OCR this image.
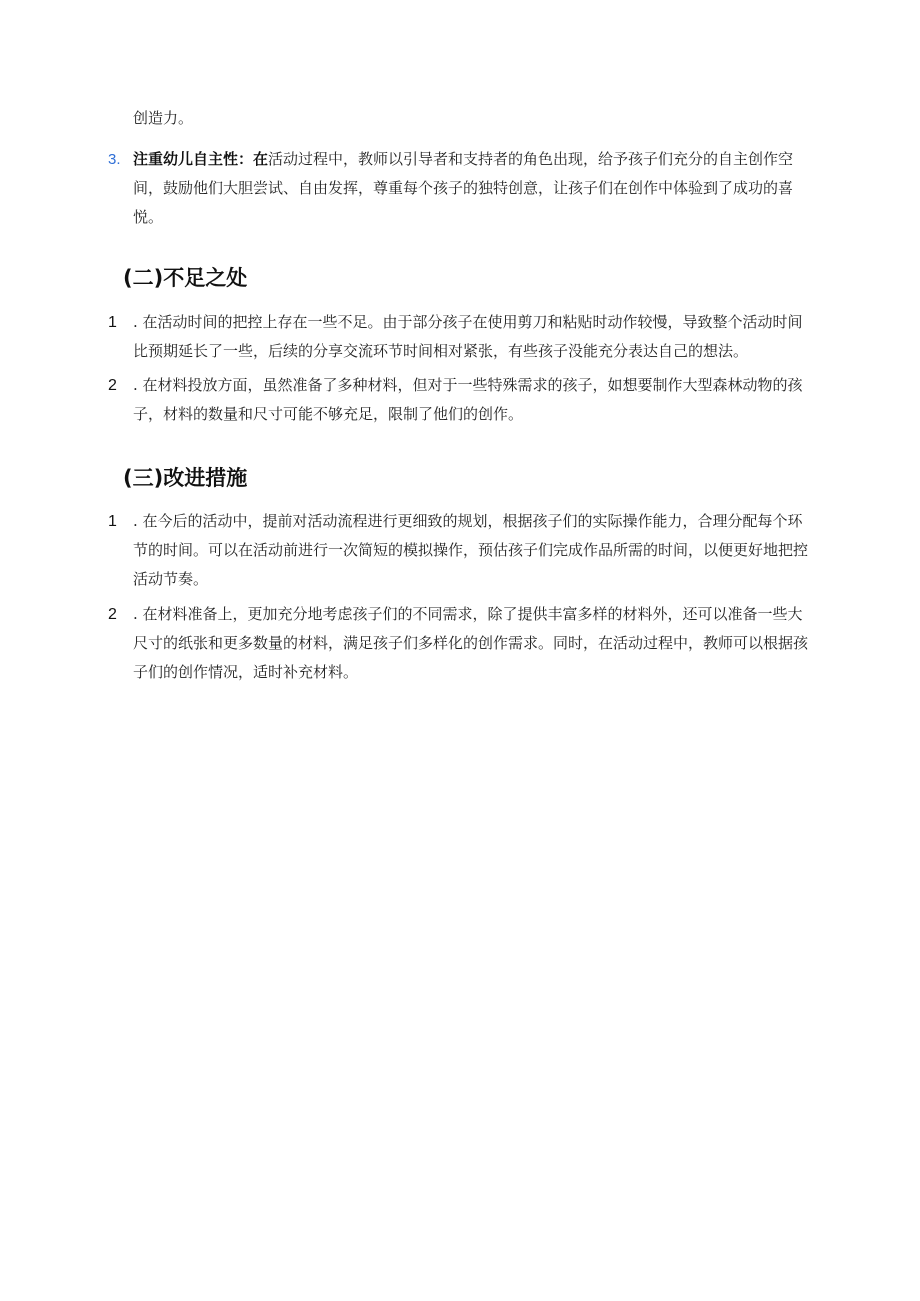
创造力。

3. 注重幼儿自主性：在活动过程中，教师以引导者和支持者的角色出现，给予孩子们充分的自主创作空间，鼓励他们大胆尝试、自由发挥，尊重每个孩子的独特创意，让孩子们在创作中体验到了成功的喜悦。
(二)不足之处
1 . 在活动时间的把控上存在一些不足。由于部分孩子在使用剪刀和粘贴时动作较慢，导致整个活动时间比预期延长了一些，后续的分享交流环节时间相对紧张，有些孩子没能充分表达自己的想法。
2 . 在材料投放方面，虽然准备了多种材料，但对于一些特殊需求的孩子，如想要制作大型森林动物的孩子，材料的数量和尺寸可能不够充足，限制了他们的创作。
(三)改进措施
1 . 在今后的活动中，提前对活动流程进行更细致的规划，根据孩子们的实际操作能力，合理分配每个环节的时间。可以在活动前进行一次简短的模拟操作，预估孩子们完成作品所需的时间，以便更好地把控活动节奏。
2 . 在材料准备上，更加充分地考虑孩子们的不同需求，除了提供丰富多样的材料外，还可以准备一些大尺寸的纸张和更多数量的材料，满足孩子们多样化的创作需求。同时，在活动过程中，教师可以根据孩子们的创作情况，适时补充材料。
